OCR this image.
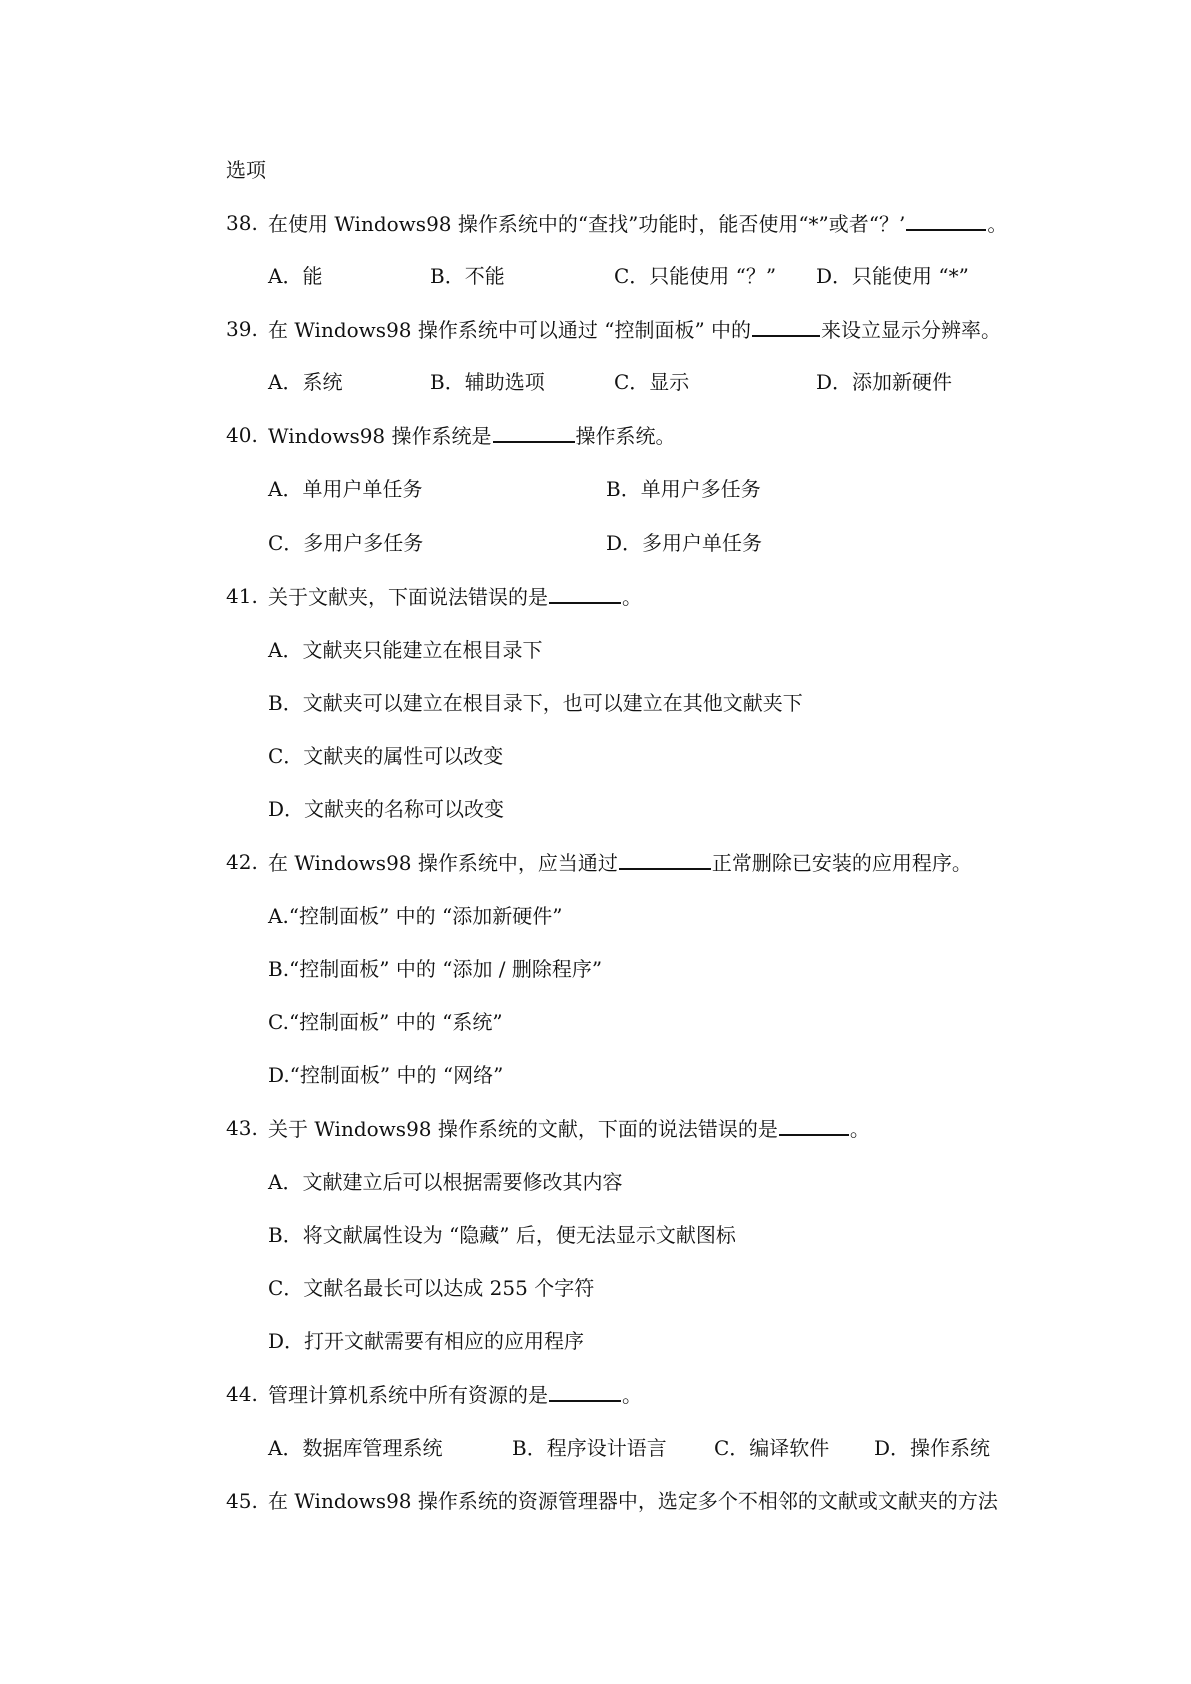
选项
38. 在使用 Windows98 操作系统中的“查找”功能时，能否使用“*”或者“？’	。
A．能	B．不能	C．只能使用 “？” D．只能使用 “*”
39. 在 Windows98 操作系统中可以通过 “控制面板” 中的	来设立显示分辨率。
A．系统	B．辅助选项	C．显示	D．添加新硬件
40. Windows98 操作系统是	操作系统。
A．单用户单任务	B．单用户多任务
C．多用户多任务	D．多用户单任务
41. 关于文献夹，下面说法错误的是	。
A．文献夹只能建立在根目录下
B．文献夹可以建立在根目录下，也可以建立在其他文献夹下
C．文献夹的属性可以改变
D．文献夹的名称可以改变
42. 在 Windows98 操作系统中，应当通过	正常删除已安装的应用程序。
A.“控制面板” 中的 “添加新硬件”
B.“控制面板” 中的 “添加 / 删除程序”
C.“控制面板” 中的 “系统”
D.“控制面板” 中的 “网络”
43. 关于 Windows98 操作系统的文献，下面的说法错误的是	。
A．文献建立后可以根据需要修改其内容
B．将文献属性设为 “隐藏” 后，便无法显示文献图标
C．文献名最长可以达成 255 个字符
D．打开文献需要有相应的应用程序
44. 管理计算机系统中所有资源的是	。
A．数据库管理系统	B．程序设计语言 C．编译软件 D．操作系统
45. 在 Windows98 操作系统的资源管理器中，选定多个不相邻的文献或文献夹的方法
